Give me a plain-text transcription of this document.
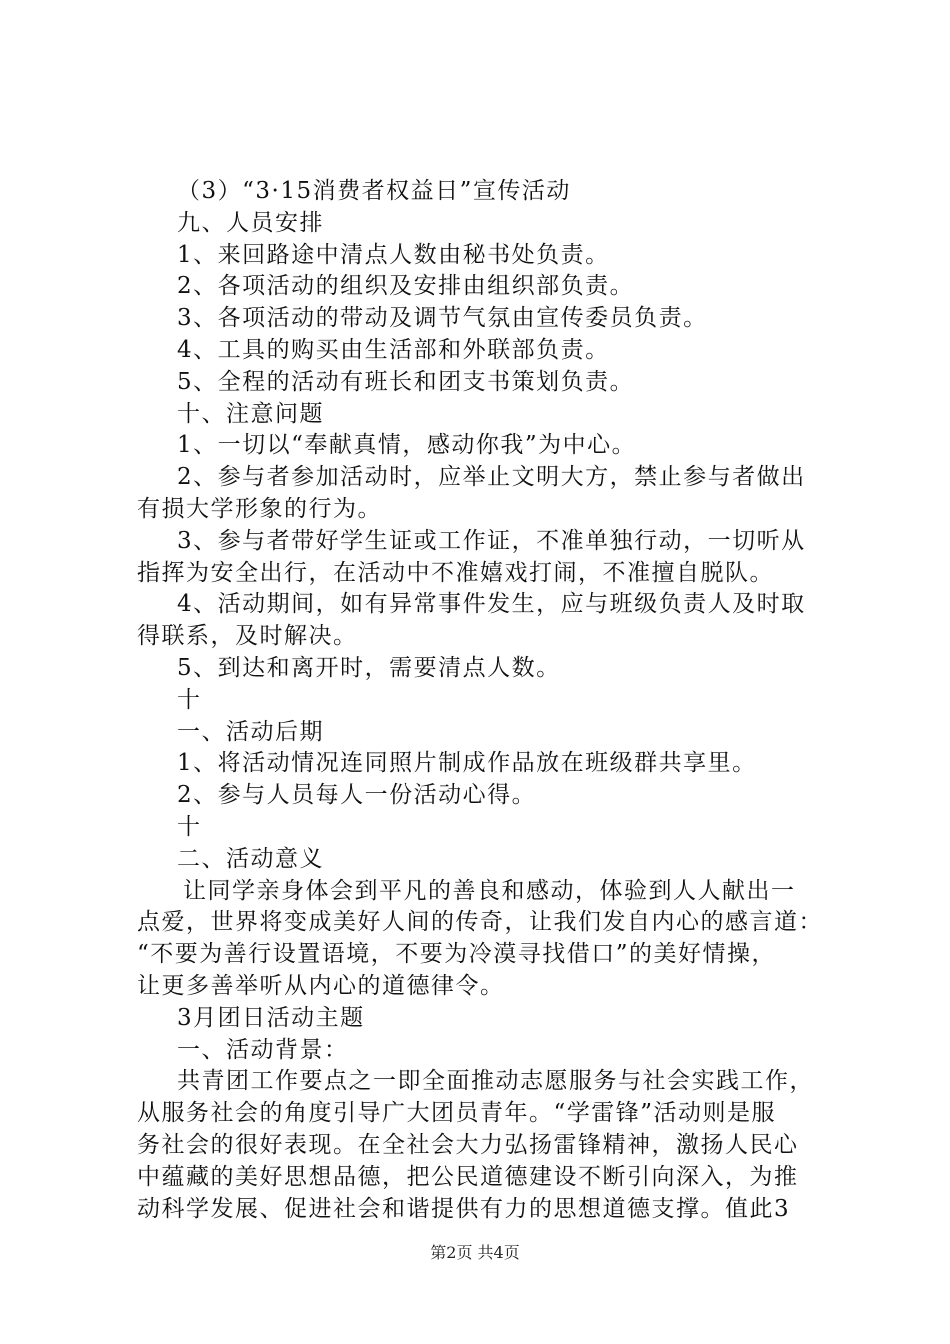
（3）“3·15消费者权益日”宣传活动

九、人员安排

1、来回路途中清点人数由秘书处负责。

2、各项活动的组织及安排由组织部负责。

3、各项活动的带动及调节气氛由宣传委员负责。

4、工具的购买由生活部和外联部负责。

5、全程的活动有班长和团支书策划负责。

十、注意问题

1、一切以“奉献真情，感动你我”为中心。

2、参与者参加活动时，应举止文明大方，禁止参与者做出

有损大学形象的行为。

3、参与者带好学生证或工作证，不准单独行动，一切听从

指挥为安全出行，在活动中不准嬉戏打闹，不准擅自脱队。

4、活动期间，如有异常事件发生，应与班级负责人及时取

得联系，及时解决。

5、到达和离开时，需要清点人数。

十

一、活动后期

1、将活动情况连同照片制成作品放在班级群共享里。

2、参与人员每人一份活动心得。

十

二、活动意义

让同学亲身体会到平凡的善良和感动，体验到人人献出一

点爱，世界将变成美好人间的传奇，让我们发自内心的感言道：

“不要为善行设置语境，不要为冷漠寻找借口”的美好情操，

让更多善举听从内心的道德律令。

3月团日活动主题

一、活动背景：

共青团工作要点之一即全面推动志愿服务与社会实践工作，

从服务社会的角度引导广大团员青年。“学雷锋”活动则是服

务社会的很好表现。在全社会大力弘扬雷锋精神，激扬人民心

中蕴藏的美好思想品德，把公民道德建设不断引向深入，为推

动科学发展、促进社会和谐提供有力的思想道德支撑。值此3

第2页 共4页
